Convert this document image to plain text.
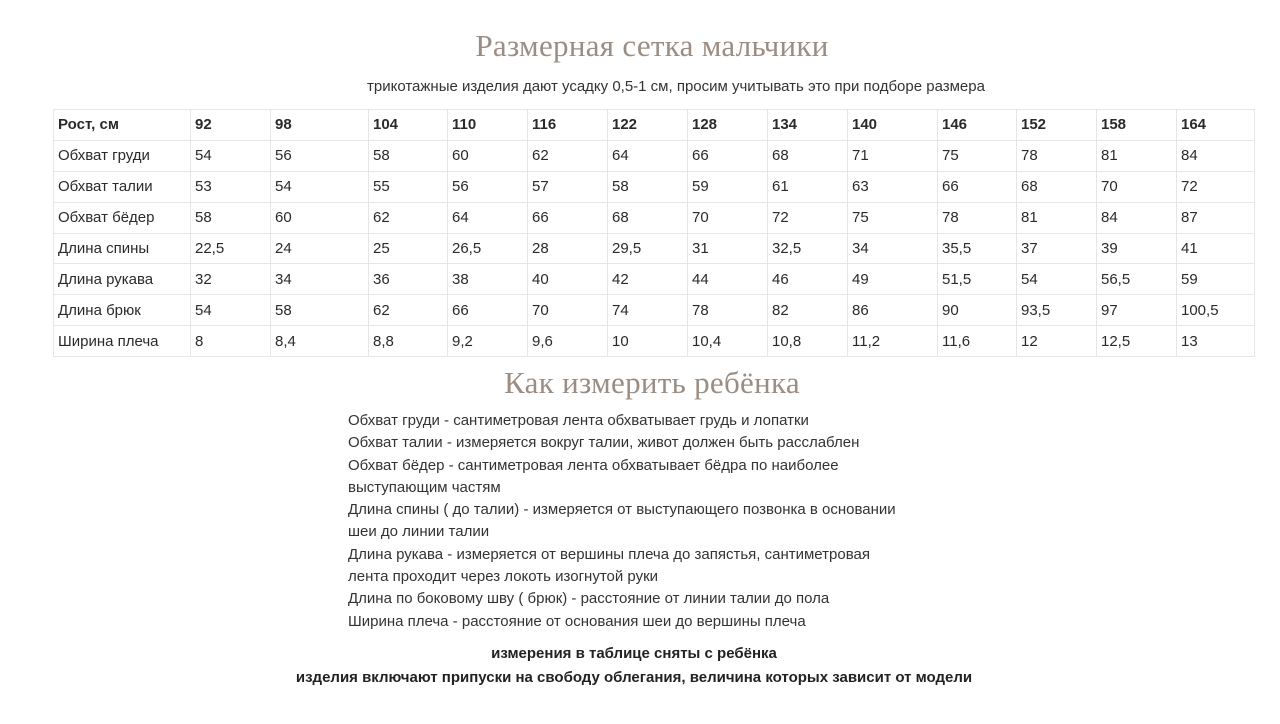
Размерная сетка мальчики
трикотажные изделия дают усадку 0,5-1 см, просим учитывать это при подборе размера
Рост, см	92	98	104	110	116	122	128	134	140	146	152	158	164
Обхват груди	54	56	58	60	62	64	66	68	71	75	78	81	84
Обхват талии	53	54	55	56	57	58	59	61	63	66	68	70	72
Обхват бёдер	58	60	62	64	66	68	70	72	75	78	81	84	87
Длина спины	22,5	24	25	26,5	28	29,5	31	32,5	34	35,5	37	39	41
Длина рукава	32	34	36	38	40	42	44	46	49	51,5	54	56,5	59
Длина брюк	54	58	62	66	70	74	78	82	86	90	93,5	97	100,5
Ширина плеча	8	8,4	8,8	9,2	9,6	10	10,4	10,8	11,2	11,6	12	12,5	13
Как измерить ребёнка

Обхват груди - сантиметровая лента обхватывает грудь и лопатки

Обхват талии - измеряется вокруг талии, живот должен быть расслаблен

Обхват бёдер - сантиметровая лента обхватывает бёдра по наиболее

выступающим частям

Длина спины ( до талии) - измеряется от выступающего позвонка в основании

шеи до линии талии

Длина рукава - измеряется от вершины плеча до запястья, сантиметровая

лента проходит через локоть изогнутой руки

Длина по боковому шву ( брюк) - расстояние от линии талии до пола

Ширина плеча - расстояние от основания шеи до вершины плеча

измерения в таблице сняты с ребёнка
изделия включают припуски на свободу облегания, величина которых зависит от модели
